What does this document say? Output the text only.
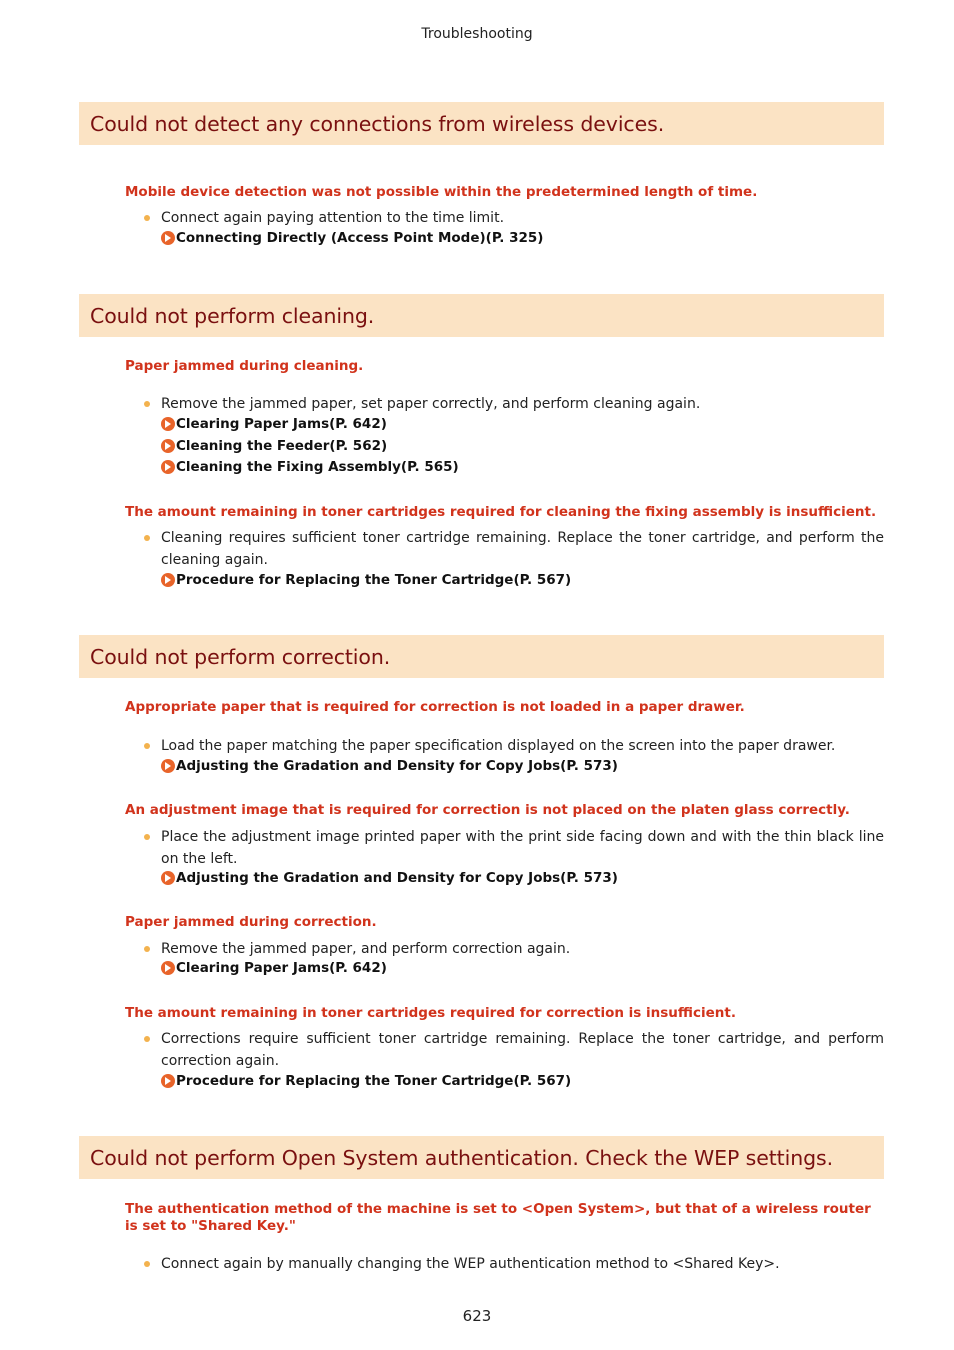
Troubleshooting
Could not detect any connections from wireless devices.
Mobile device detection was not possible within the predetermined length of time.
Connect again paying attention to the time limit.
Connecting Directly (Access Point Mode)(P. 325)
Could not perform cleaning.
Paper jammed during cleaning.
Remove the jammed paper, set paper correctly, and perform cleaning again.
Clearing Paper Jams(P. 642)
Cleaning the Feeder(P. 562)
Cleaning the Fixing Assembly(P. 565)
The amount remaining in toner cartridges required for cleaning the fixing assembly is insufficient.
Cleaning requires sufficient toner cartridge remaining. Replace the toner cartridge, and perform the cleaning again.
Procedure for Replacing the Toner Cartridge(P. 567)
Could not perform correction.
Appropriate paper that is required for correction is not loaded in a paper drawer.
Load the paper matching the paper specification displayed on the screen into the paper drawer.
Adjusting the Gradation and Density for Copy Jobs(P. 573)
An adjustment image that is required for correction is not placed on the platen glass correctly.
Place the adjustment image printed paper with the print side facing down and with the thin black line on the left.
Adjusting the Gradation and Density for Copy Jobs(P. 573)
Paper jammed during correction.
Remove the jammed paper, and perform correction again.
Clearing Paper Jams(P. 642)
The amount remaining in toner cartridges required for correction is insufficient.
Corrections require sufficient toner cartridge remaining. Replace the toner cartridge, and perform correction again.
Procedure for Replacing the Toner Cartridge(P. 567)
Could not perform Open System authentication. Check the WEP settings.
The authentication method of the machine is set to <Open System>, but that of a wireless router is set to "Shared Key."
Connect again by manually changing the WEP authentication method to <Shared Key>.
623
